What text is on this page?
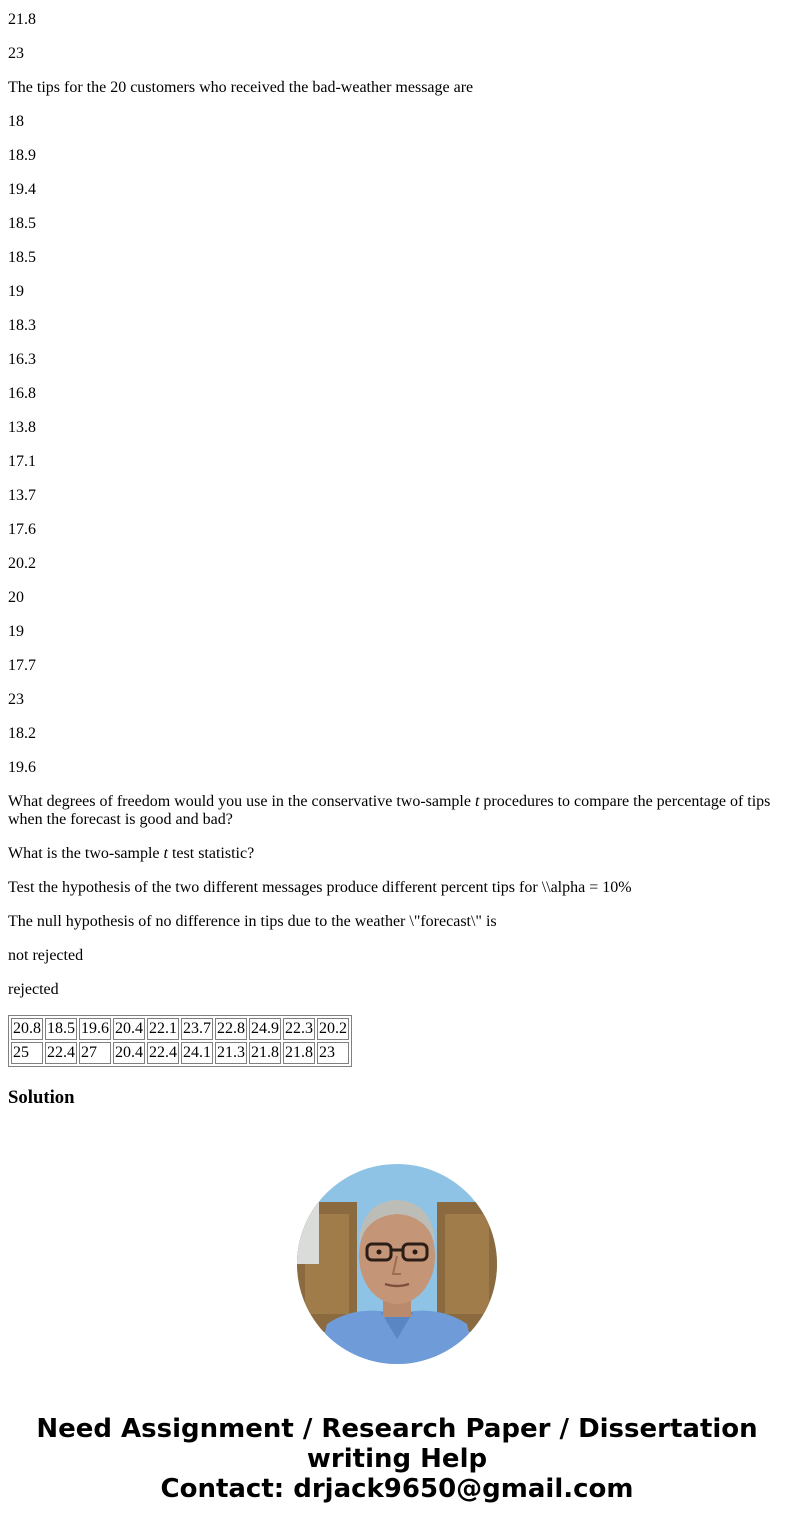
21.8

23

The tips for the 20 customers who received the bad-weather message are

18

18.9

19.4

18.5

18.5

19

18.3

16.3

16.8

13.8

17.1

13.7

17.6

20.2

20

19

17.7

23

18.2

19.6

What degrees of freedom would you use in the conservative two-sample t procedures to compare the percentage of tips when the forecast is good and bad?

What is the two-sample t test statistic?

Test the hypothesis of the two different messages produce different percent tips for \\alpha = 10%

The null hypothesis of no difference in tips due to the weather \"forecast\" is

not rejected

rejected

20.8	18.5	19.6	20.4	22.1	23.7	22.8	24.9	22.3	20.2
25	22.4	27	20.4	22.4	24.1	21.3	21.8	21.8	23
Solution
Need Assignment / Research Paper / Dissertation
writing Help
Contact: drjack9650@gmail.com
